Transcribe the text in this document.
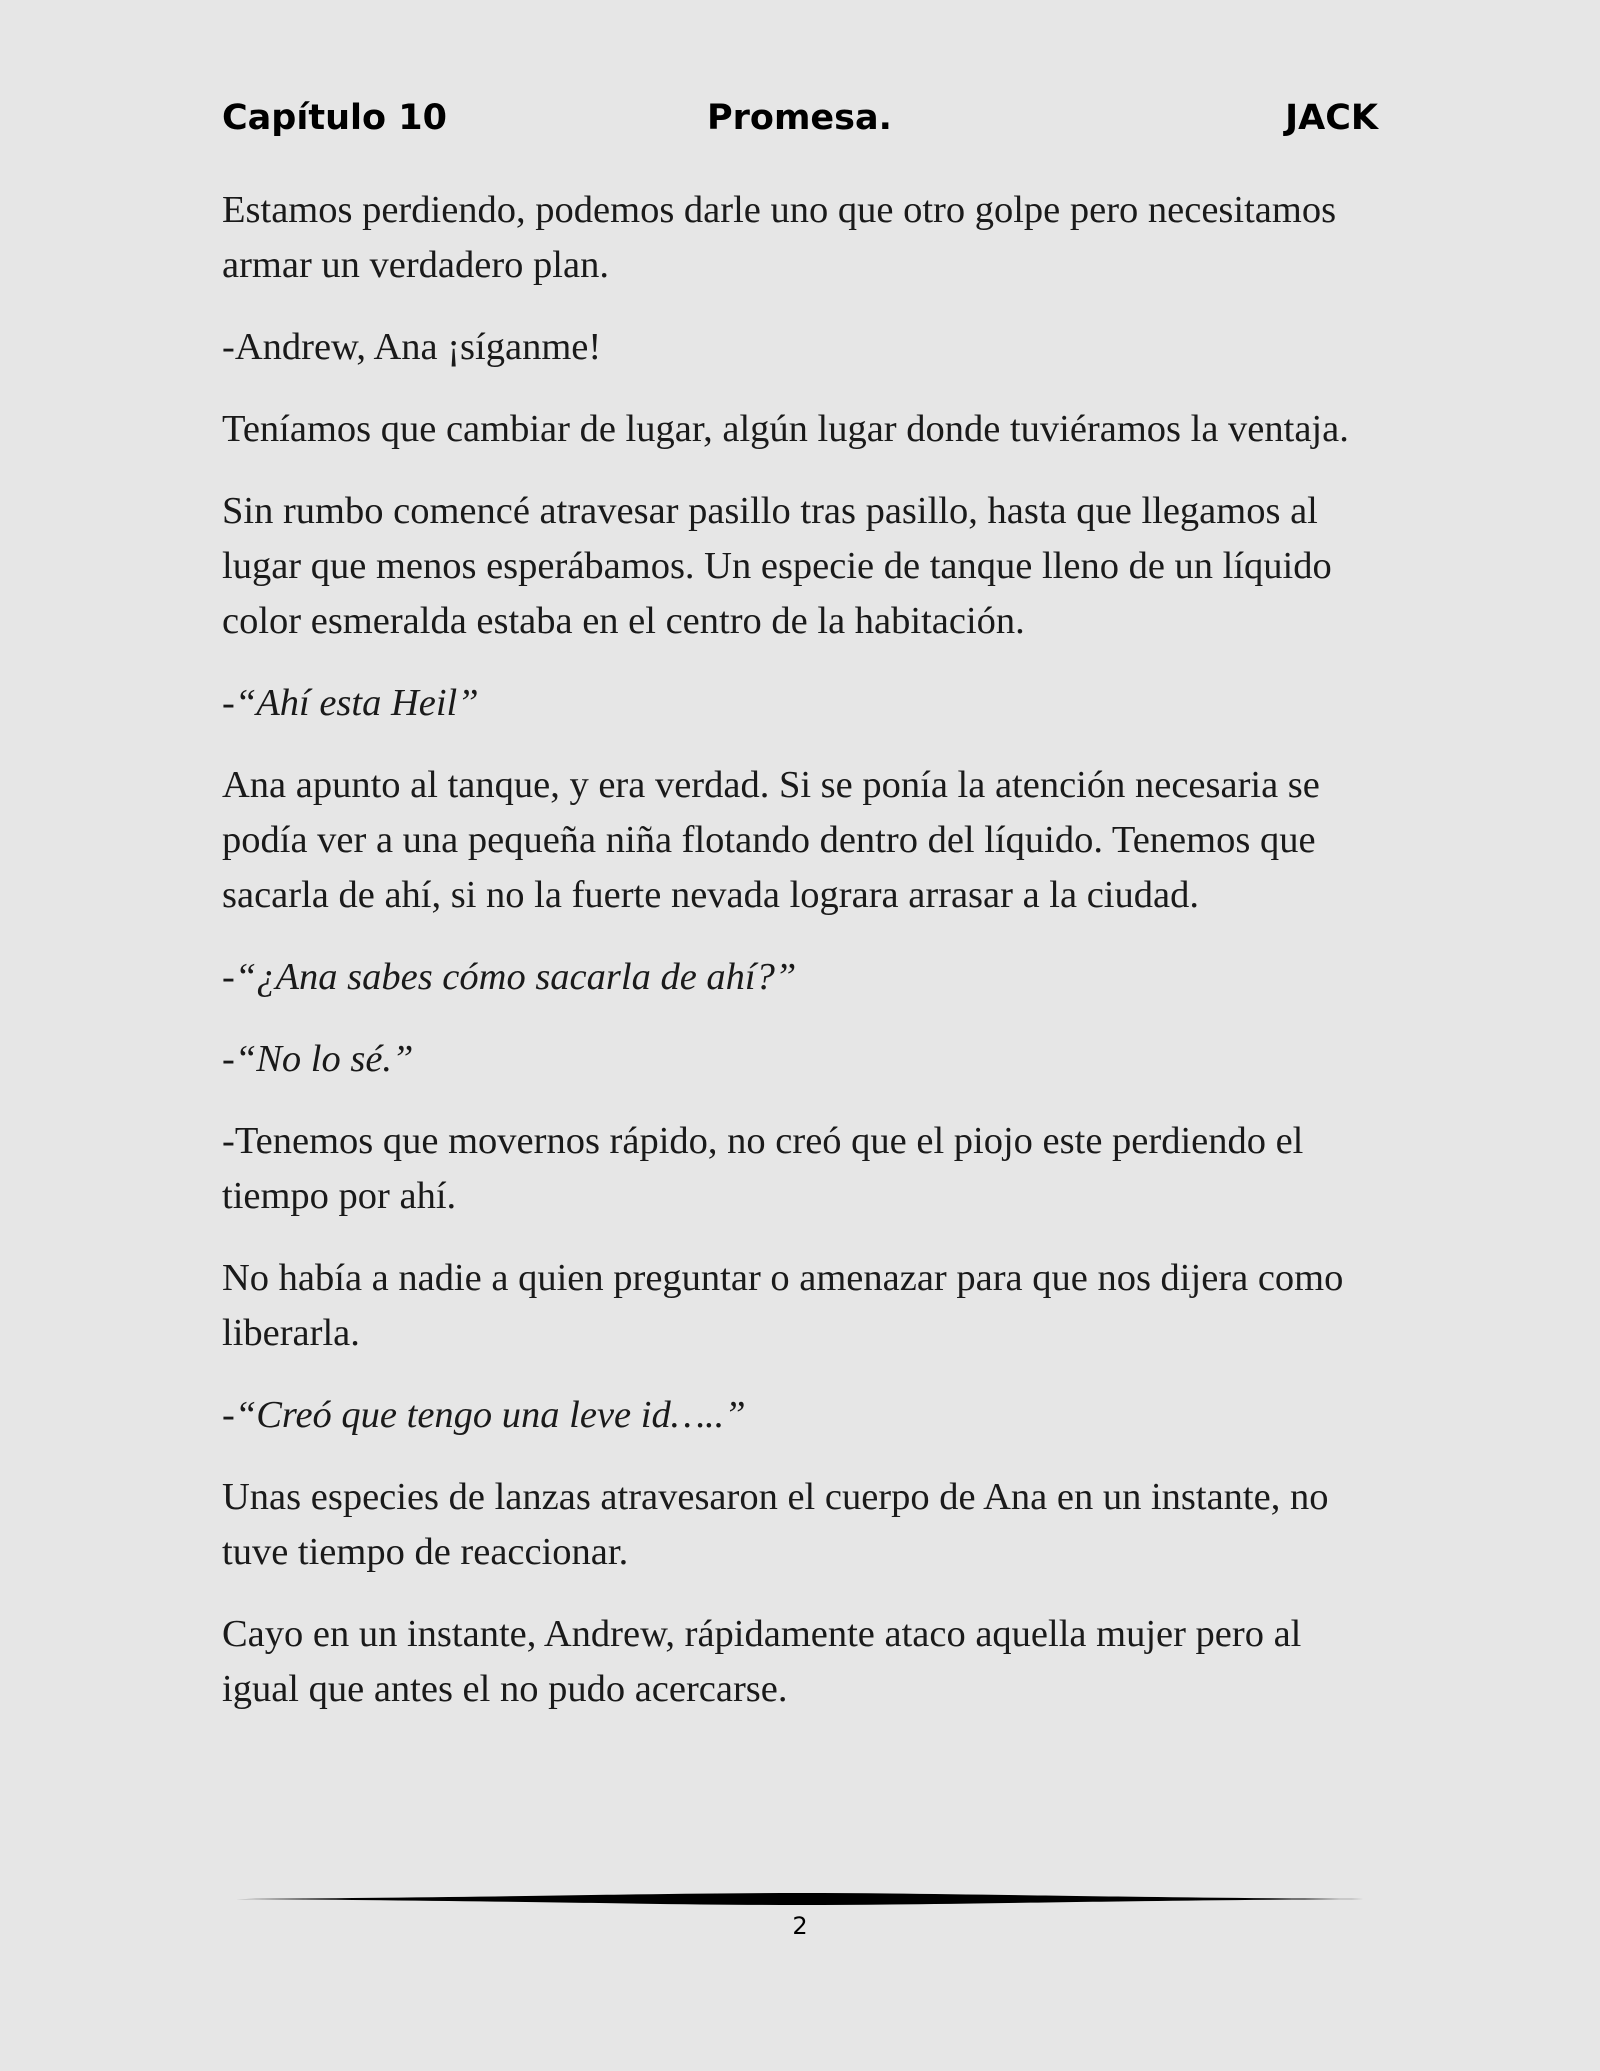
Capítulo 10	Promesa.	JACK

Estamos perdiendo, podemos darle uno que otro golpe pero necesitamos armar un verdadero plan.

-Andrew, Ana ¡síganme!

Teníamos que cambiar de lugar, algún lugar donde tuviéramos la ventaja.

Sin rumbo comencé atravesar pasillo tras pasillo, hasta que llegamos al lugar que menos esperábamos. Un especie de tanque lleno de un líquido color esmeralda estaba en el centro de la habitación.

-“Ahí esta Heil”

Ana apunto al tanque, y era verdad. Si se ponía la atención necesaria se podía ver a una pequeña niña flotando dentro del líquido. Tenemos que sacarla de ahí, si no la fuerte nevada lograra arrasar a la ciudad.

-“¿Ana sabes cómo sacarla de ahí?”

-“No lo sé.”

-Tenemos que movernos rápido, no creó que el piojo este perdiendo el tiempo por ahí.

No había a nadie a quien preguntar o amenazar para que nos dijera como liberarla.

-“Creó que tengo una leve id…..”

Unas especies de lanzas atravesaron el cuerpo de Ana en un instante, no tuve tiempo de reaccionar.

Cayo en un instante, Andrew, rápidamente ataco aquella mujer pero al igual que antes el no pudo acercarse.

2
